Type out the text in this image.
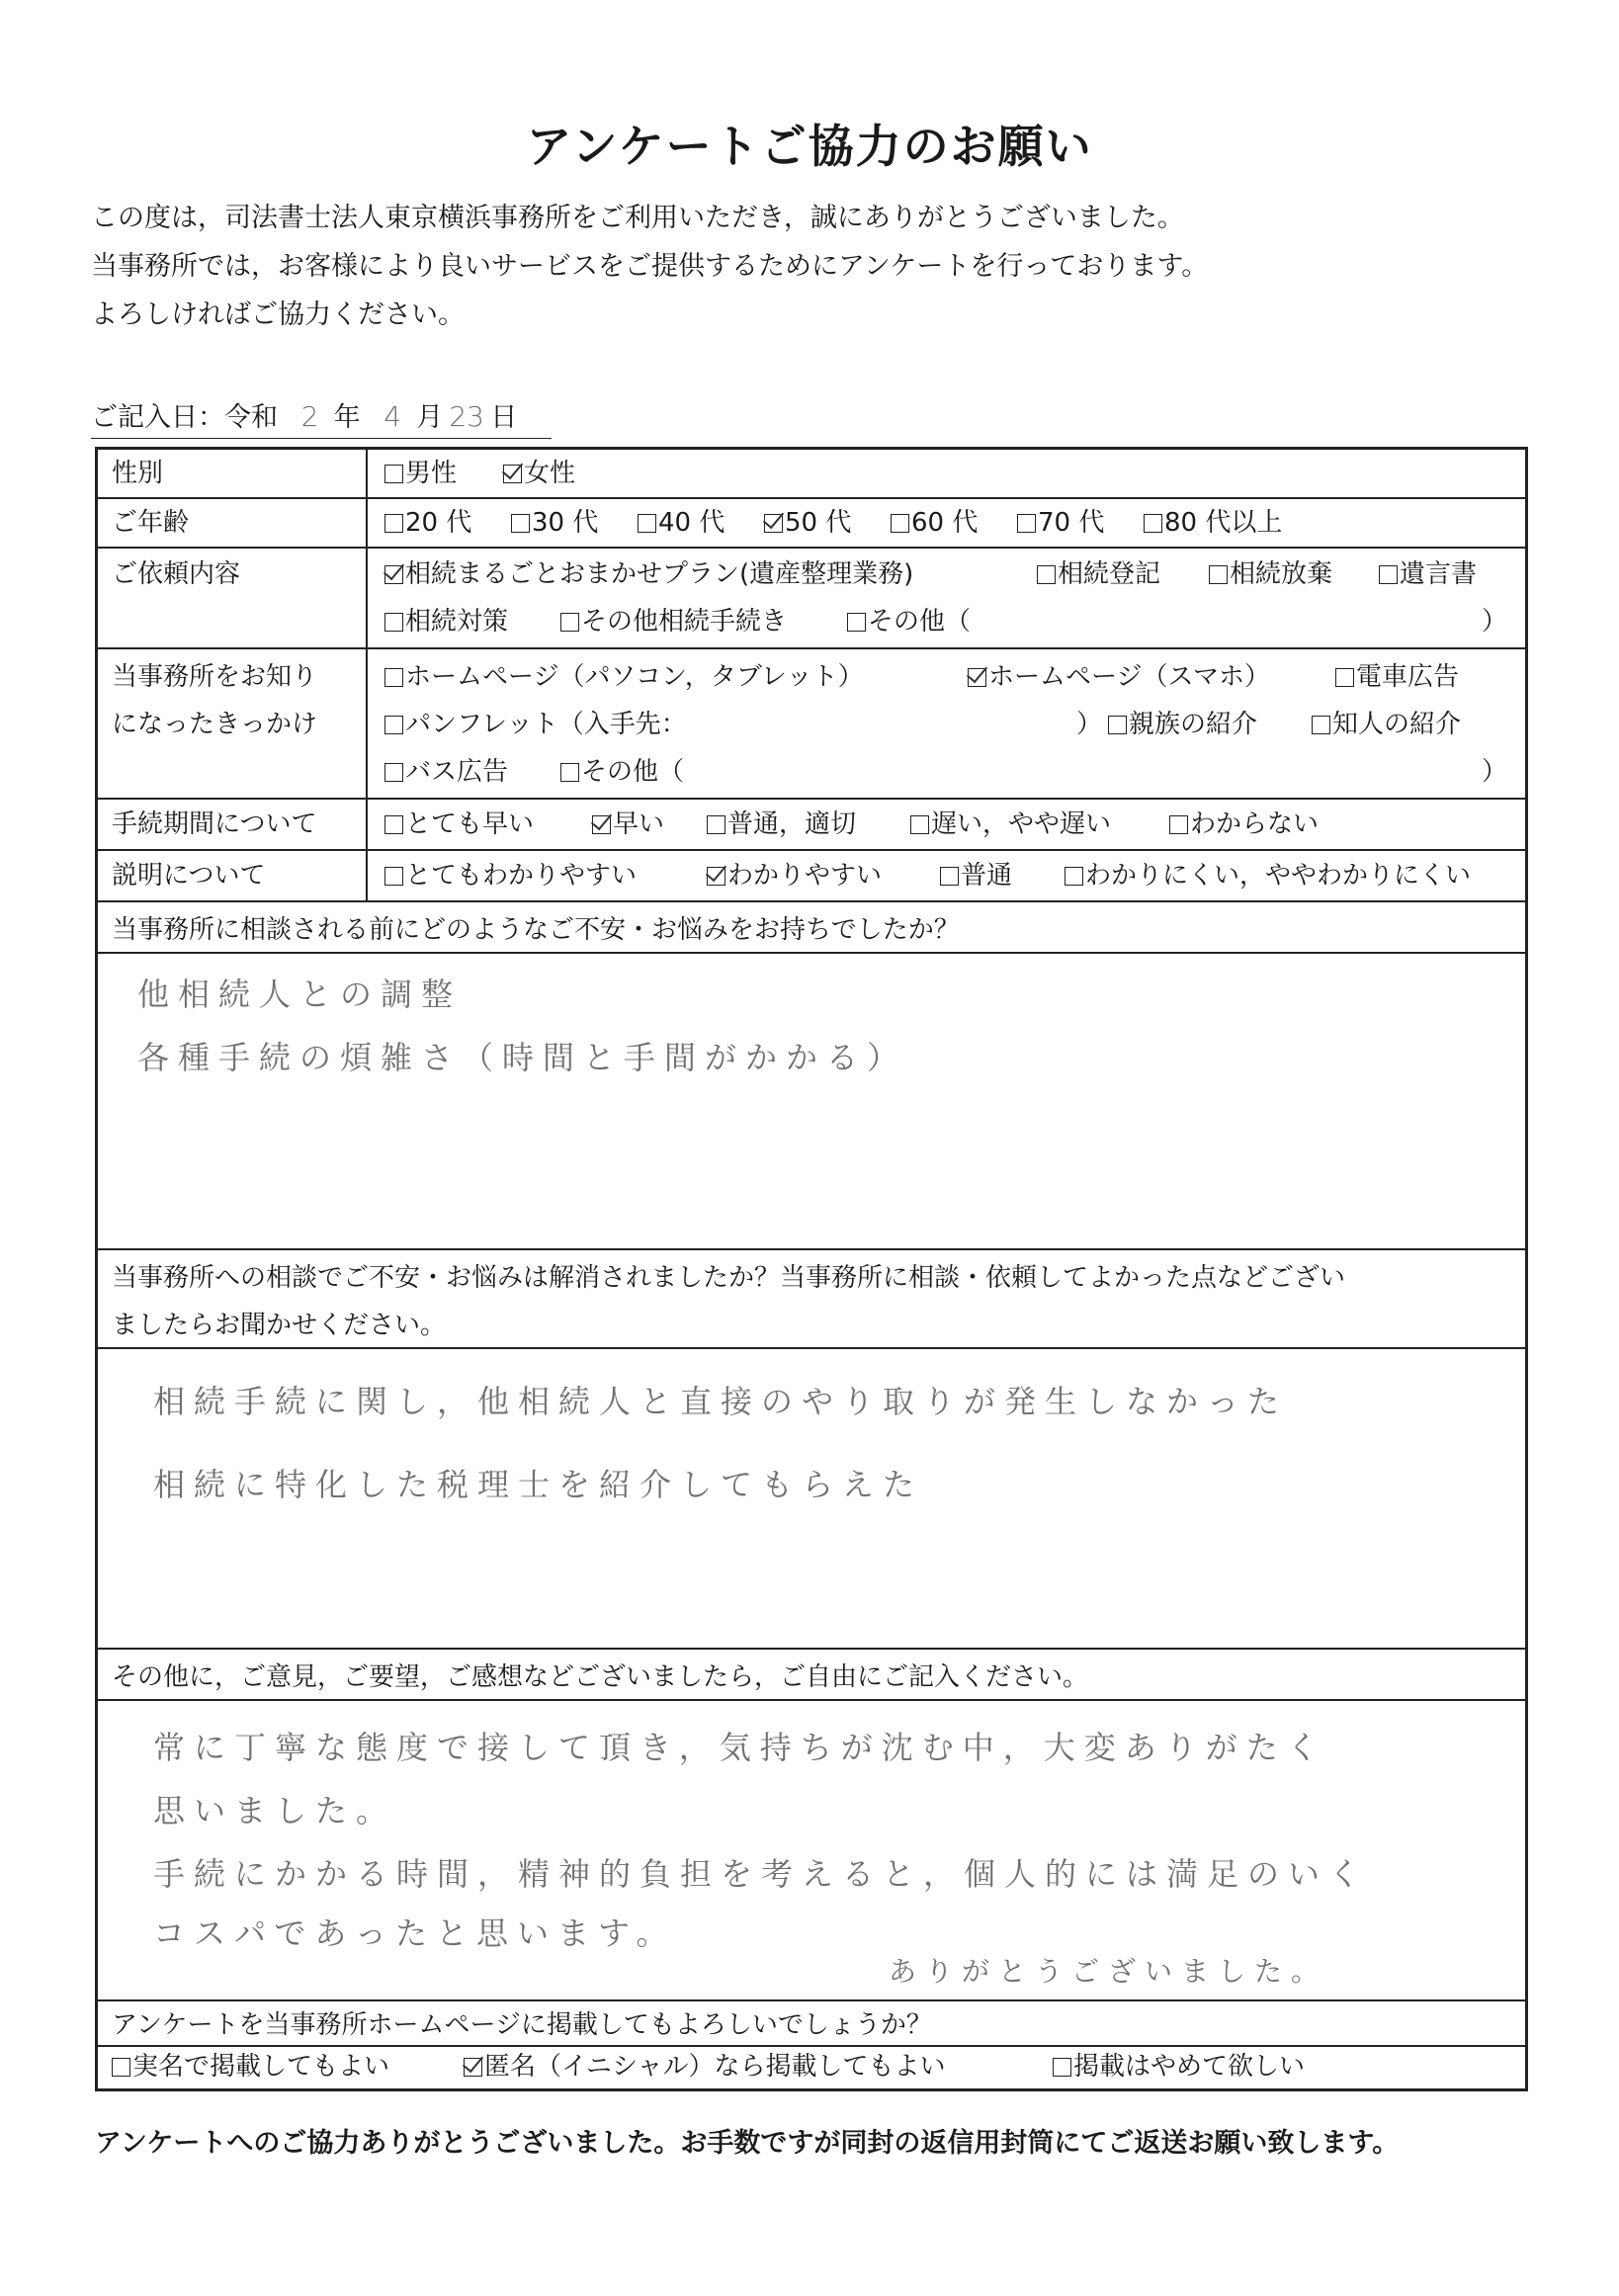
アンケートご協力のお願い
この度は，司法書士法人東京横浜事務所をご利用いただき，誠にありがとうございました。
当事務所では，お客様により良いサービスをご提供するためにアンケートを行っております。
よろしければご協力ください。
ご記入日：令和 2 年 4 月 23 日
性別	男性	女性
ご年齢	20 代	30 代	40 代	50 代	60 代	70 代	80 代以上
ご依頼内容	相続まるごとおまかせプラン(遺産整理業務)	相続登記	相続放棄	遺言書
相続対策	その他相続手続き	その他（	）
当事務所をお知り
になったきっかけ
ホームページ（パソコン，タブレット）	ホームページ（スマホ）	電車広告
パンフレット（入手先：	）	親族の紹介	知人の紹介
バス広告	その他（	）
手続期間について	とても早い	早い	普通，適切	遅い，やや遅い	わからない
説明について	とてもわかりやすい	わかりやすい	普通	わかりにくい，ややわかりにくい
当事務所に相談される前にどのようなご不安・お悩みをお持ちでしたか？
他相続人との調整
各種手続の煩雑さ（時間と手間がかかる）
当事務所への相談でご不安・お悩みは解消されましたか？当事務所に相談・依頼してよかった点などござい
ましたらお聞かせください。
相続手続に関し，他相続人と直接のやり取りが発生しなかった
相続に特化した税理士を紹介してもらえた
その他に，ご意見，ご要望，ご感想などございましたら，ご自由にご記入ください。
常に丁寧な態度で接して頂き，気持ちが沈む中，大変ありがたく
思いました。
手続にかかる時間，精神的負担を考えると，個人的には満足のいく
コスパであったと思います。
ありがとうございました。
アンケートを当事務所ホームページに掲載してもよろしいでしょうか？
実名で掲載してもよい	匿名（イニシャル）なら掲載してもよい	掲載はやめて欲しい
アンケートへのご協力ありがとうございました。お手数ですが同封の返信用封筒にてご返送お願い致します。
